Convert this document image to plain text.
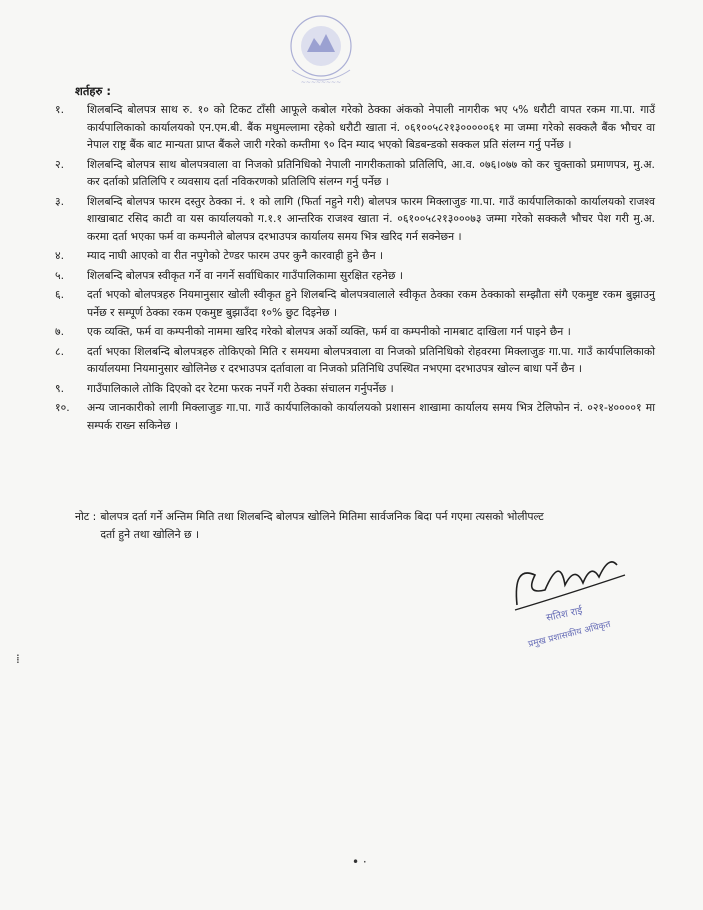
~~~~~~~~
शर्तहरु :
१.	शिलबन्दि बोलपत्र साथ रु. १० को टिकट टाँसी आफूले कबोल गरेको ठेक्का अंकको नेपाली नागरीक भए ५% धरौटी वापत रकम गा.पा. गाउँ कार्यपालिकाको कार्यालयको एन.एम.बी. बैंक मधुमल्लामा रहेको धरौटी खाता नं. ०६१००५८२१३०००००६१ मा जम्मा गरेको सक्कलै बैंक भौचर वा नेपाल राष्ट्र बैंक बाट मान्यता प्राप्त बैंकले जारी गरेको कम्तीमा ९० दिन म्याद भएको बिडबन्डको सक्कल प्रति संलग्न गर्नु पर्नेछ ।
२.	शिलबन्दि बोलपत्र साथ बोलपत्रवाला वा निजको प्रतिनिधिको नेपाली नागरीकताको प्रतिलिपि, आ.व. ०७६।०७७ को कर चुक्ताको प्रमाणपत्र, मु.अ. कर दर्ताको प्रतिलिपि र व्यवसाय दर्ता नविकरणको प्रतिलिपि संलग्न गर्नु पर्नेछ ।
३.	शिलबन्दि बोलपत्र फारम दस्तुर ठेक्का नं. १ को लागि (फिर्ता नहुने गरी) बोलपत्र फारम मिक्लाजुङ गा.पा. गाउँ कार्यपालिकाको कार्यालयको राजश्व शाखाबाट रसिद काटी वा यस कार्यालयको ग.१.१ आन्तरिक राजश्व खाता नं. ०६१००५८२१३०००७३ जम्मा गरेको सक्कलै भौचर पेश गरी मु.अ. करमा दर्ता भएका फर्म वा कम्पनीले बोलपत्र दरभाउपत्र कार्यालय समय भित्र खरिद गर्न सक्नेछन ।
४.	म्याद नाघी आएको वा रीत नपुगेको टेण्डर फारम उपर कुनै कारवाही हुने छैन ।
५.	शिलबन्दि बोलपत्र स्वीकृत गर्ने वा नगर्ने सर्वाधिकार गाउँपालिकामा सुरक्षित रहनेछ ।
६.	दर्ता भएको बोलपत्रहरु नियमानुसार खोली स्वीकृत हुने शिलबन्दि बोलपत्रवालाले स्वीकृत ठेक्का रकम ठेक्काको सम्झौता संगै एकमुष्ट रकम बुझाउनु पर्नेछ र सम्पूर्ण ठेक्का रकम एकमुष्ट बुझाउँदा १०% छुट दिइनेछ ।
७.	एक व्यक्ति, फर्म वा कम्पनीको नाममा खरिद गरेको बोलपत्र अर्को व्यक्ति, फर्म वा कम्पनीको नामबाट दाखिला गर्न पाइने छैन ।
८.	दर्ता भएका शिलबन्दि बोलपत्रहरु तोकिएको मिति र समयमा बोलपत्रवाला वा निजको प्रतिनिधिको रोहवरमा मिक्लाजुङ गा.पा. गाउँ कार्यपालिकाको कार्यालयमा नियमानुसार खोलिनेछ र दरभाउपत्र दर्तावाला वा निजको प्रतिनिधि उपस्थित नभएमा दरभाउपत्र खोल्न बाधा पर्ने छैन ।
९.	गाउँपालिकाले तोकि दिएको दर रेटमा फरक नपर्ने गरी ठेक्का संचालन गर्नुपर्नेछ ।
१०.	अन्य जानकारीको लागी मिक्लाजुङ गा.पा. गाउँ कार्यपालिकाको कार्यालयको प्रशासन शाखामा कार्यालय समय भित्र टेलिफोन नं. ०२१-४००००१ मा सम्पर्क राख्न सकिनेछ ।
नोट : बोलपत्र दर्ता गर्ने अन्तिम मिति तथा शिलबन्दि बोलपत्र खोलिने मितिमा सार्वजनिक बिदा पर्न गएमा त्यसको भोलीपल्ट
दर्ता हुने तथा खोलिने छ ।
सतिश राई
प्रमुख प्रशासकीय अधिकृत
⁞
• ·
